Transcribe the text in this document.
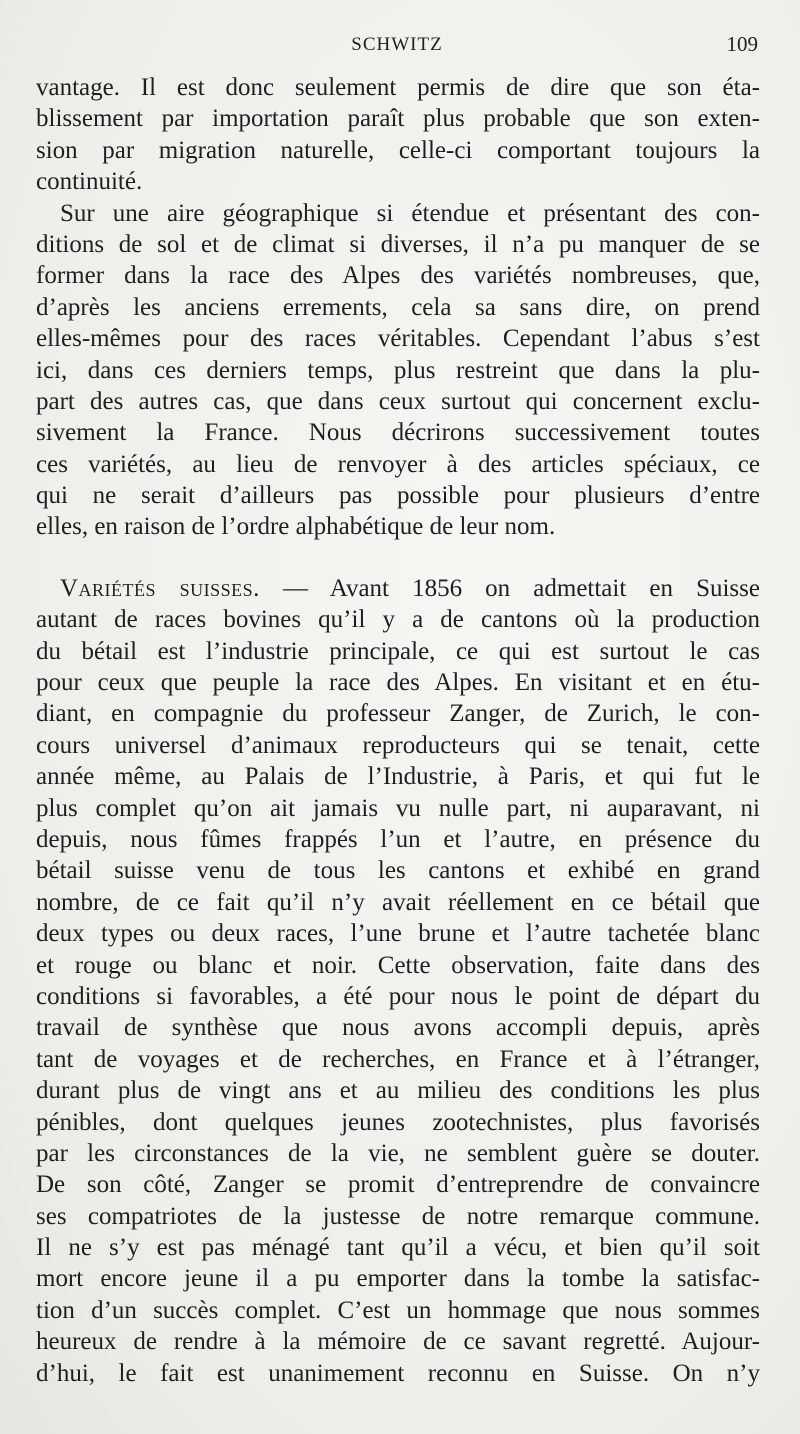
SCHWITZ	109
vantage. Il est donc seulement permis de dire que son éta-
blissement par importation paraît plus probable que son exten-
sion par migration naturelle, celle-ci comportant toujours la
continuité.
Sur une aire géographique si étendue et présentant des con-
ditions de sol et de climat si diverses, il n’a pu manquer de se
former dans la race des Alpes des variétés nombreuses, que,
d’après les anciens errements, cela sa sans dire, on prend
elles-mêmes pour des races véritables. Cependant l’abus s’est
ici, dans ces derniers temps, plus restreint que dans la plu-
part des autres cas, que dans ceux surtout qui concernent exclu-
sivement la France. Nous décrirons successivement toutes
ces variétés, au lieu de renvoyer à des articles spéciaux, ce
qui ne serait d’ailleurs pas possible pour plusieurs d’entre
elles, en raison de l’ordre alphabétique de leur nom.
Variétés suisses. — Avant 1856 on admettait en Suisse
autant de races bovines qu’il y a de cantons où la production
du bétail est l’industrie principale, ce qui est surtout le cas
pour ceux que peuple la race des Alpes. En visitant et en étu-
diant, en compagnie du professeur Zanger, de Zurich, le con-
cours universel d’animaux reproducteurs qui se tenait, cette
année même, au Palais de l’Industrie, à Paris, et qui fut le
plus complet qu’on ait jamais vu nulle part, ni auparavant, ni
depuis, nous fûmes frappés l’un et l’autre, en présence du
bétail suisse venu de tous les cantons et exhibé en grand
nombre, de ce fait qu’il n’y avait réellement en ce bétail que
deux types ou deux races, l’une brune et l’autre tachetée blanc
et rouge ou blanc et noir. Cette observation, faite dans des
conditions si favorables, a été pour nous le point de départ du
travail de synthèse que nous avons accompli depuis, après
tant de voyages et de recherches, en France et à l’étranger,
durant plus de vingt ans et au milieu des conditions les plus
pénibles, dont quelques jeunes zootechnistes, plus favorisés
par les circonstances de la vie, ne semblent guère se douter.
De son côté, Zanger se promit d’entreprendre de convaincre
ses compatriotes de la justesse de notre remarque commune.
Il ne s’y est pas ménagé tant qu’il a vécu, et bien qu’il soit
mort encore jeune il a pu emporter dans la tombe la satisfac-
tion d’un succès complet. C’est un hommage que nous sommes
heureux de rendre à la mémoire de ce savant regretté. Aujour-
d’hui, le fait est unanimement reconnu en Suisse. On n’y
